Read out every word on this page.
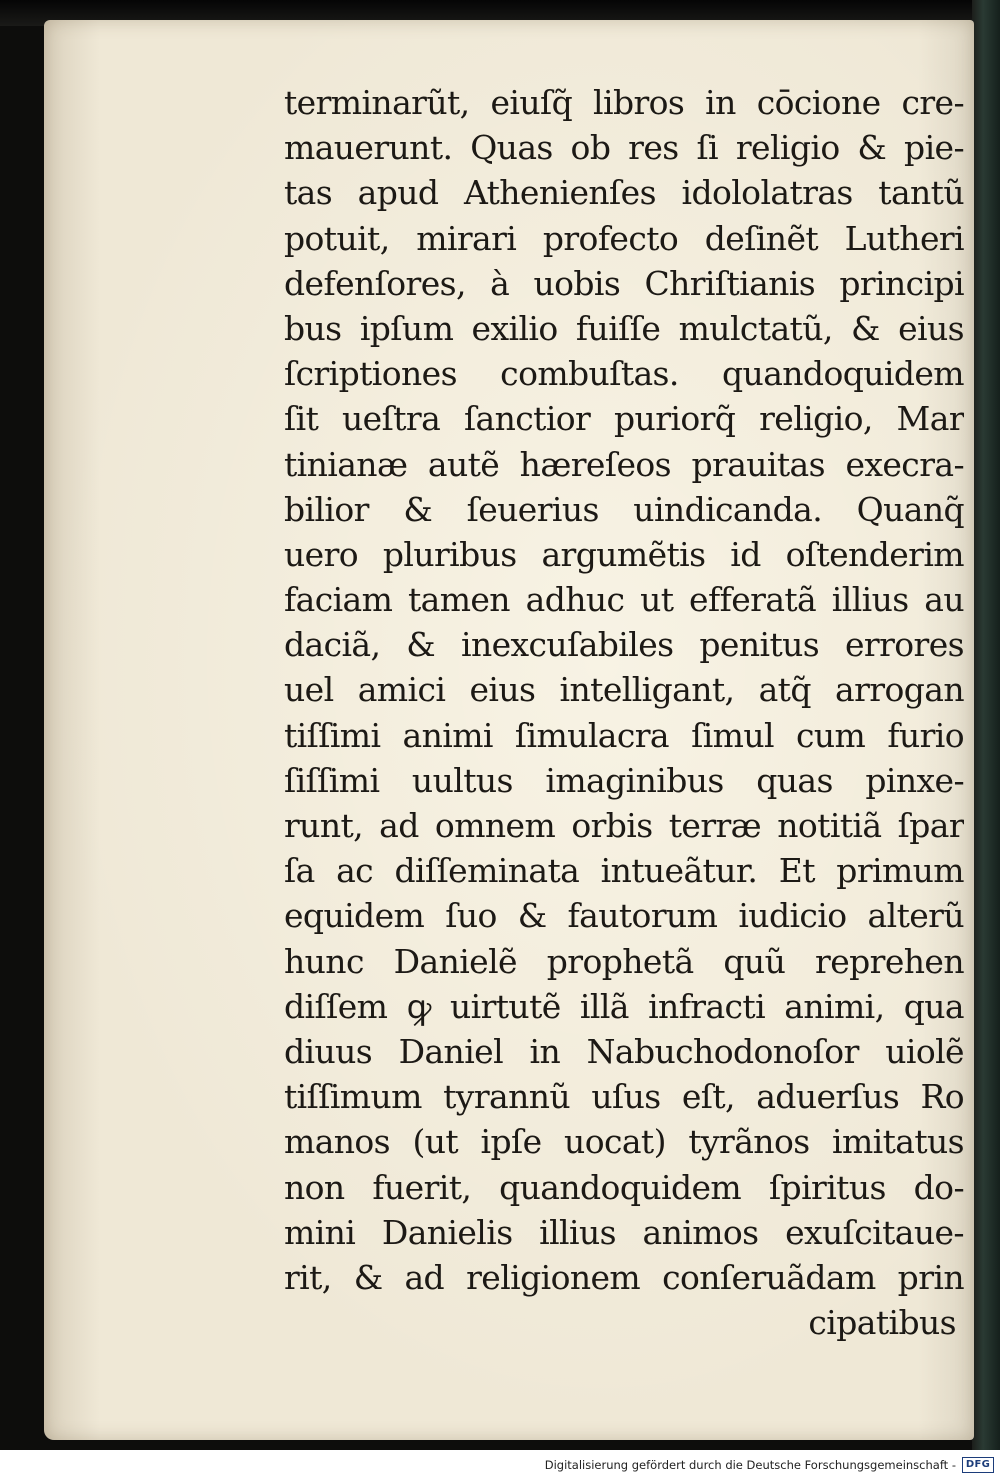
terminarũt, eiuſq̃ libros in cōcione cre-
mauerunt. Quas ob res ſi religio & pie-
tas apud Athenienſes idololatras tantũ
potuit, mirari profecto deſinẽt Lutheri
defenſores, à uobis Chriſtianis principi
bus ipſum exilio fuiſſe mulctatũ, & eius
ſcriptiones combuſtas. quandoquidem
ſit ueſtra ſanctior puriorq̃ religio, Mar
tinianæ autẽ hæreſeos prauitas execra-
bilior & ſeuerius uindicanda. Quanq̃
uero pluribus argumẽtis id oſtenderim
faciam tamen adhuc ut efferatã illius au
daciã, & inexcuſabiles penitus errores
uel amici eius intelligant, atq̃ arrogan
tiſſimi animi ſimulacra ſimul cum furio
ſiſſimi uultus imaginibus quas pinxe-
runt, ad omnem orbis terræ notitiã ſpar
ſa ac diſſeminata intueãtur. Et primum
equidem ſuo & fautorum iudicio alterũ
hunc Danielẽ prophetã quũ reprehen
diſſem ꝙ uirtutẽ illã infracti animi, qua
diuus Daniel in Nabuchodonoſor uiolẽ
tiſſimum tyrannũ uſus eſt, aduerſus Ro
manos (ut ipſe uocat) tyrãnos imitatus
non fuerit, quandoquidem ſpiritus do-
mini Danielis illius animos exuſcitaue-
rit, & ad religionem conſeruãdam prin
cipatibus
Digitalisierung gefördert durch die Deutsche Forschungsgemeinschaft - DFG
